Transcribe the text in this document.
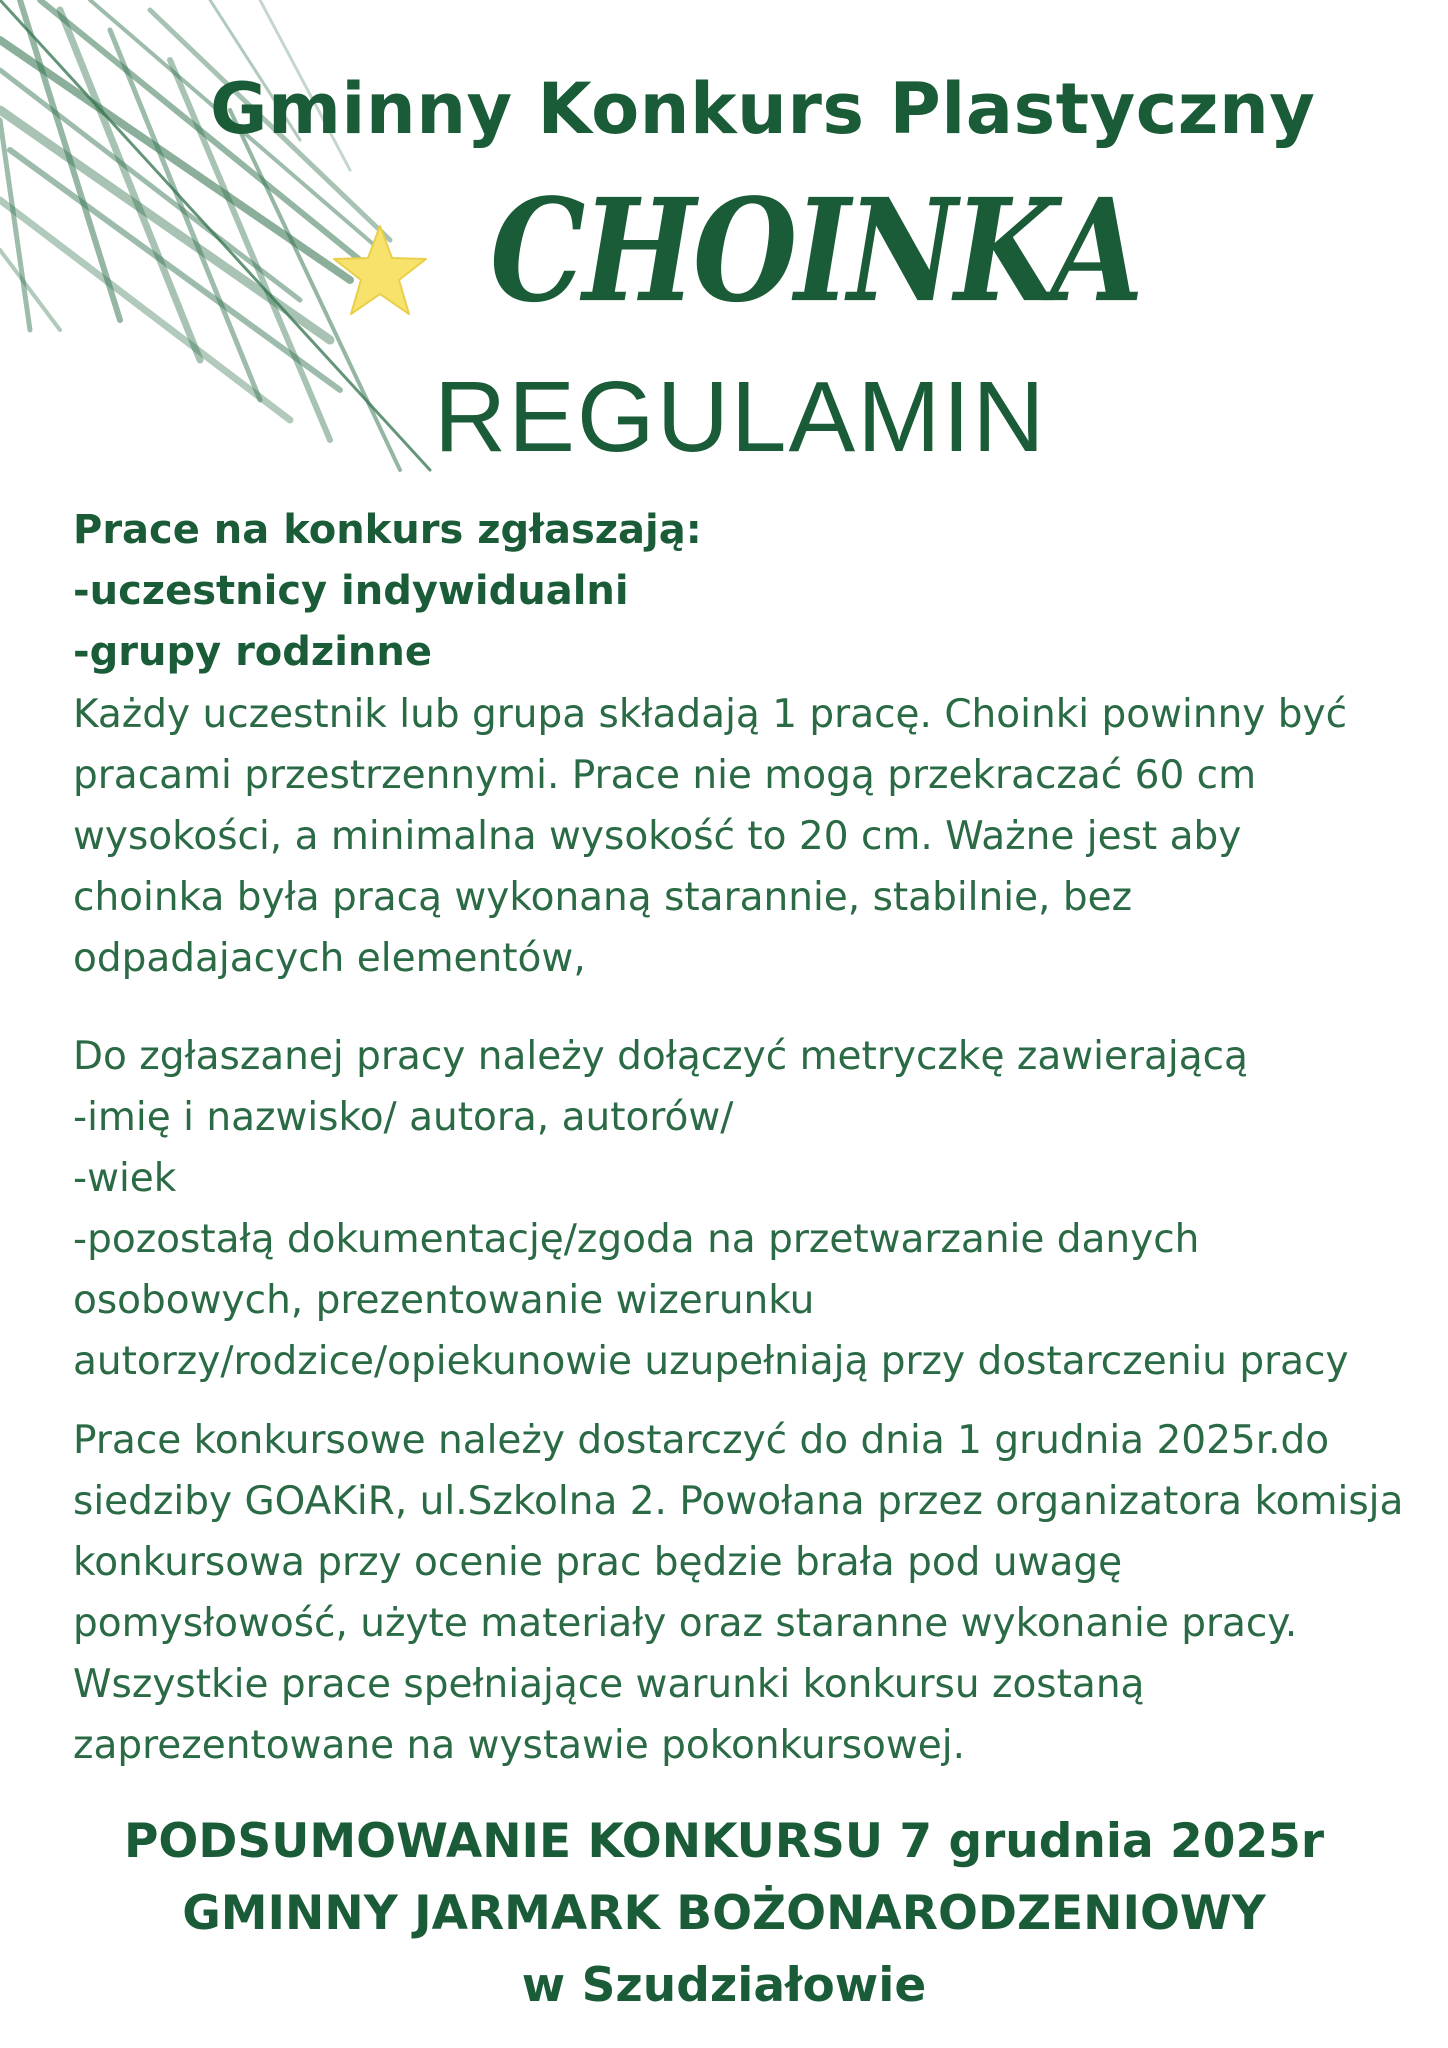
Gminny Konkurs Plastyczny
CHOINKA
REGULAMIN
Prace na konkurs zgłaszają:
-uczestnicy indywidualni
-grupy rodzinne

Każdy uczestnik lub grupa składają 1 pracę. Choinki powinny być

pracami przestrzennymi. Prace nie mogą przekraczać 60 cm

wysokości, a minimalna wysokość to 20 cm. Ważne jest aby

choinka była pracą wykonaną starannie, stabilnie, bez

odpadajacych elementów,

Do zgłaszanej pracy należy dołączyć metryczkę zawierającą

-imię i nazwisko/ autora, autorów/

-wiek

-pozostałą dokumentację/zgoda na przetwarzanie danych

osobowych, prezentowanie wizerunku

autorzy/rodzice/opiekunowie uzupełniają przy dostarczeniu pracy

Prace konkursowe należy dostarczyć do dnia 1 grudnia 2025r.do

siedziby GOAKiR, ul.Szkolna 2. Powołana przez organizatora komisja

konkursowa przy ocenie prac będzie brała pod uwagę

pomysłowość, użyte materiały oraz staranne wykonanie pracy.

Wszystkie prace spełniające warunki konkursu zostaną

zaprezentowane na wystawie pokonkursowej.

PODSUMOWANIE KONKURSU 7 grudnia 2025r
GMINNY JARMARK BOŻONARODZENIOWY
w Szudziałowie
